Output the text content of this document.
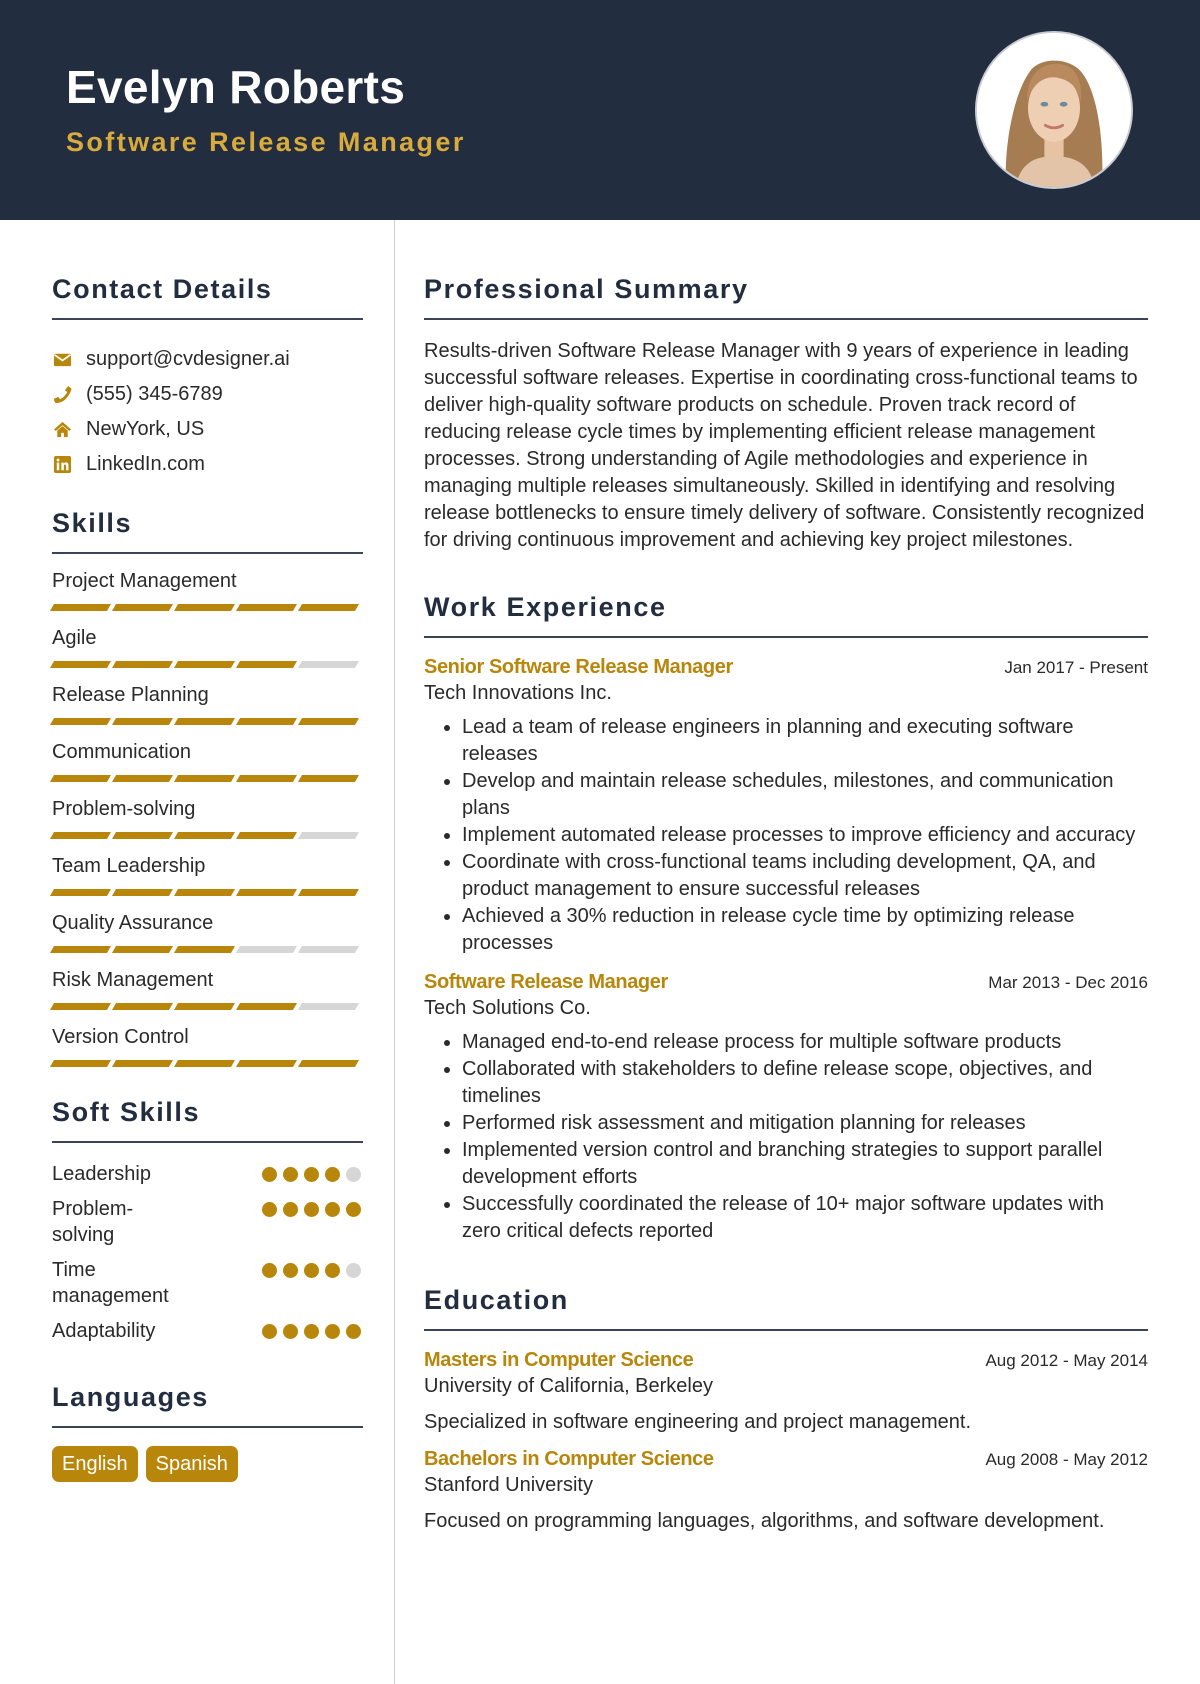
Evelyn Roberts
Software Release Manager
Contact Details
support@cvdesigner.ai
(555) 345-6789
NewYork, US
LinkedIn.com
Skills
Project Management
Agile
Release Planning
Communication
Problem-solving
Team Leadership
Quality Assurance
Risk Management
Version Control
Soft Skills
Leadership
Problem-solving
Time management
Adaptability
Languages
English	Spanish
Professional Summary

Results-driven Software Release Manager with 9 years of experience in leading successful software releases. Expertise in coordinating cross-functional teams to deliver high-quality software products on schedule. Proven track record of reducing release cycle times by implementing efficient release management processes. Strong understanding of Agile methodologies and experience in managing multiple releases simultaneously. Skilled in identifying and resolving release bottlenecks to ensure timely delivery of software. Consistently recognized for driving continuous improvement and achieving key project milestones.

Work Experience
Senior Software Release Manager	Jan 2017 - Present
Tech Innovations Inc.
• Lead a team of release engineers in planning and executing software releases
• Develop and maintain release schedules, milestones, and communication plans
• Implement automated release processes to improve efficiency and accuracy
• Coordinate with cross-functional teams including development, QA, and product management to ensure successful releases
• Achieved a 30% reduction in release cycle time by optimizing release processes
Software Release Manager	Mar 2013 - Dec 2016
Tech Solutions Co.
• Managed end-to-end release process for multiple software products
• Collaborated with stakeholders to define release scope, objectives, and timelines
• Performed risk assessment and mitigation planning for releases
• Implemented version control and branching strategies to support parallel development efforts
• Successfully coordinated the release of 10+ major software updates with zero critical defects reported
Education
Masters in Computer Science	Aug 2012 - May 2014
University of California, Berkeley
Specialized in software engineering and project management.
Bachelors in Computer Science	Aug 2008 - May 2012
Stanford University
Focused on programming languages, algorithms, and software development.
